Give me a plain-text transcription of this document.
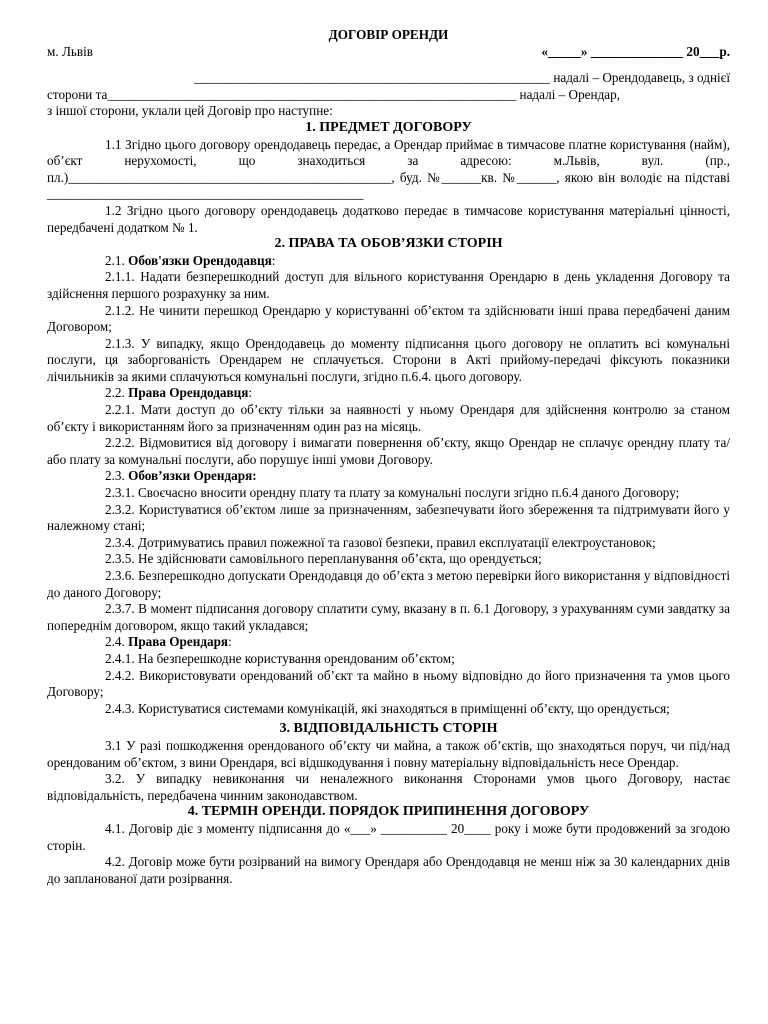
ДОГОВІР ОРЕНДИ

м. Львів	«_____» ______________ 20___р.

______________________________________________________ надалі – Орендодавець, з однієї

сторони та______________________________________________________________ надалі – Орендар,

з іншої сторони, уклали цей Договір про наступне:

1. ПРЕДМЕТ ДОГОВОРУ

1.1 Згідно цього договору орендодавець передає, а Орендар приймає в тимчасове платне користування (найм), об’єкт нерухомості, що знаходиться за адресою: м.Львів, вул. (пр., пл.)_________________________________________________, буд. №______кв. №______, якою він володіє на підставі ________________________________________________

1.2 Згідно цього договору орендодавець додатково передає в тимчасове користування матеріальні цінності, передбачені додатком № 1.

2. ПРАВА ТА ОБОВ’ЯЗКИ СТОРІН

2.1. Обов'язки Орендодавця:

2.1.1. Надати безперешкодний доступ для вільного користування Орендарю в день укладення Договору та здійснення першого розрахунку за ним.

2.1.2. Не чинити перешкод Орендарю у користуванні об’єктом та здійснювати інші права передбачені даним Договором;

2.1.3. У випадку, якщо Орендодавець до моменту підписання цього договору не оплатить всі комунальні послуги, ця заборгованість Орендарем не сплачується. Сторони в Акті прийому-передачі фіксують показники лічильників за якими сплачуються комунальні послуги, згідно п.6.4. цього договору.

2.2. Права Орендодавця:

2.2.1. Мати доступ до об’єкту тільки за наявності у ньому Орендаря для здійснення контролю за станом об’єкту і використанням його за призначенням один раз на місяць.

2.2.2. Відмовитися від договору і вимагати повернення об’єкту, якщо Орендар не сплачує орендну плату та/або плату за комунальні послуги, або порушує інші умови Договору.

2.3. Обов’язки Орендаря:

2.3.1. Своєчасно вносити орендну плату та плату за комунальні послуги згідно п.6.4 даного Договору;

2.3.2. Користуватися об’єктом лише за призначенням, забезпечувати його збереження та підтримувати його у належному стані;

2.3.4. Дотримуватись правил пожежної та газової безпеки, правил експлуатації електроустановок;

2.3.5. Не здійснювати самовільного перепланування об’єкта, що орендується;

2.3.6. Безперешкодно допускати Орендодавця до об’єкта з метою перевірки його використання у відповідності до даного Договору;

2.3.7. В момент підписання договору сплатити суму, вказану в п. 6.1 Договору, з урахуванням суми завдатку за попереднім договором, якщо такий укладався;

2.4. Права Орендаря:

2.4.1. На безперешкодне користування орендованим об’єктом;

2.4.2. Використовувати орендований об’єкт та майно в ньому відповідно до його призначення та умов цього Договору;

2.4.3. Користуватися системами комунікацій, які знаходяться в приміщенні об’єкту, що орендується;

3. ВІДПОВІДАЛЬНІСТЬ СТОРІН

3.1 У разі пошкодження орендованого об’єкту чи майна, а також об’єктів, що знаходяться поруч, чи під/над орендованим об’єктом, з вини Орендаря, всі відшкодування і повну матеріальну відповідальність несе Орендар.

3.2. У випадку невиконання чи неналежного виконання Сторонами умов цього Договору, настає відповідальність, передбачена чинним законодавством.

4. ТЕРМІН ОРЕНДИ. ПОРЯДОК ПРИПИНЕННЯ ДОГОВОРУ

4.1. Договір діє з моменту підписання до «___» __________ 20____ року і може бути продовжений за згодою сторін.

4.2. Договір може бути розірваний на вимогу Орендаря або Орендодавця не менш ніж за 30 календарних днів до запланованої дати розірвання.
